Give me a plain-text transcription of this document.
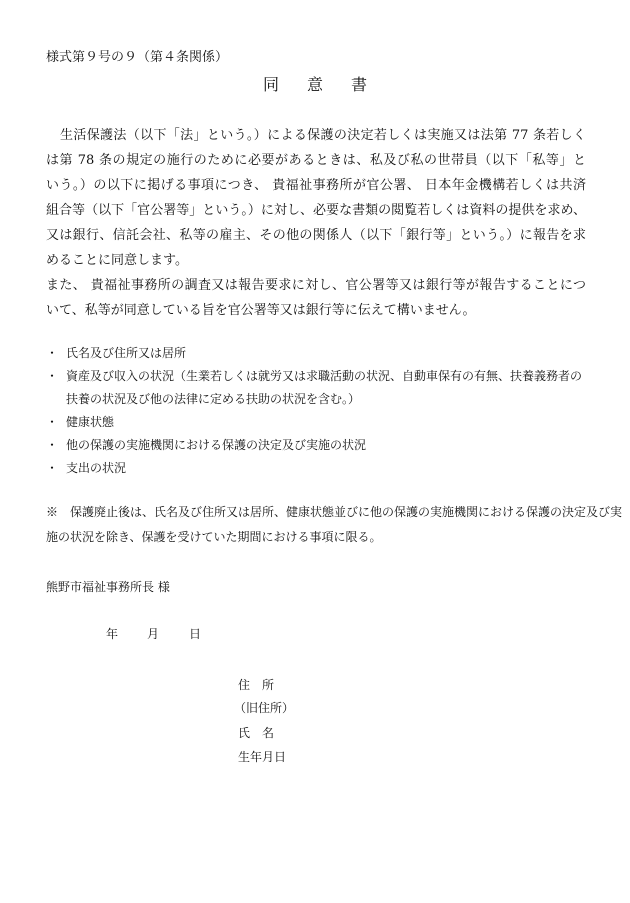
様式第９号の９（第４条関係）
同 意 書
生活保護法（以下「法」という。）による保護の決定若しくは実施又は法第 77 条若しく
は第 78 条の規定の施行のために必要があるときは、私及び私の世帯員（以下「私等」と
いう。）の以下に掲げる事項につき、 貴福祉事務所が官公署、 日本年金機構若しくは共済
組合等（以下「官公署等」という。）に対し、必要な書類の閲覧若しくは資料の提供を求め、
又は銀行、信託会社、私等の雇主、その他の関係人（以下「銀行等」という。）に報告を求
めることに同意します。
また、 貴福祉事務所の調査又は報告要求に対し、官公署等又は銀行等が報告することにつ
いて、私等が同意している旨を官公署等又は銀行等に伝えて構いません。
・ 氏名及び住所又は居所
・ 資産及び収入の状況（生業若しくは就労又は求職活動の状況、自動車保有の有無、扶養義務者の扶養の状況及び他の法律に定める扶助の状況を含む。）
・ 健康状態
・ 他の保護の実施機関における保護の決定及び実施の状況
・ 支出の状況
※　保護廃止後は、氏名及び住所又は居所、健康状態並びに他の保護の実施機関における保護の決定及び実
施の状況を除き、保護を受けていた期間における事項に限る。
熊野市福祉事務所長 様
年 月 日
住　所
（旧住所）
氏　名
生年月日
